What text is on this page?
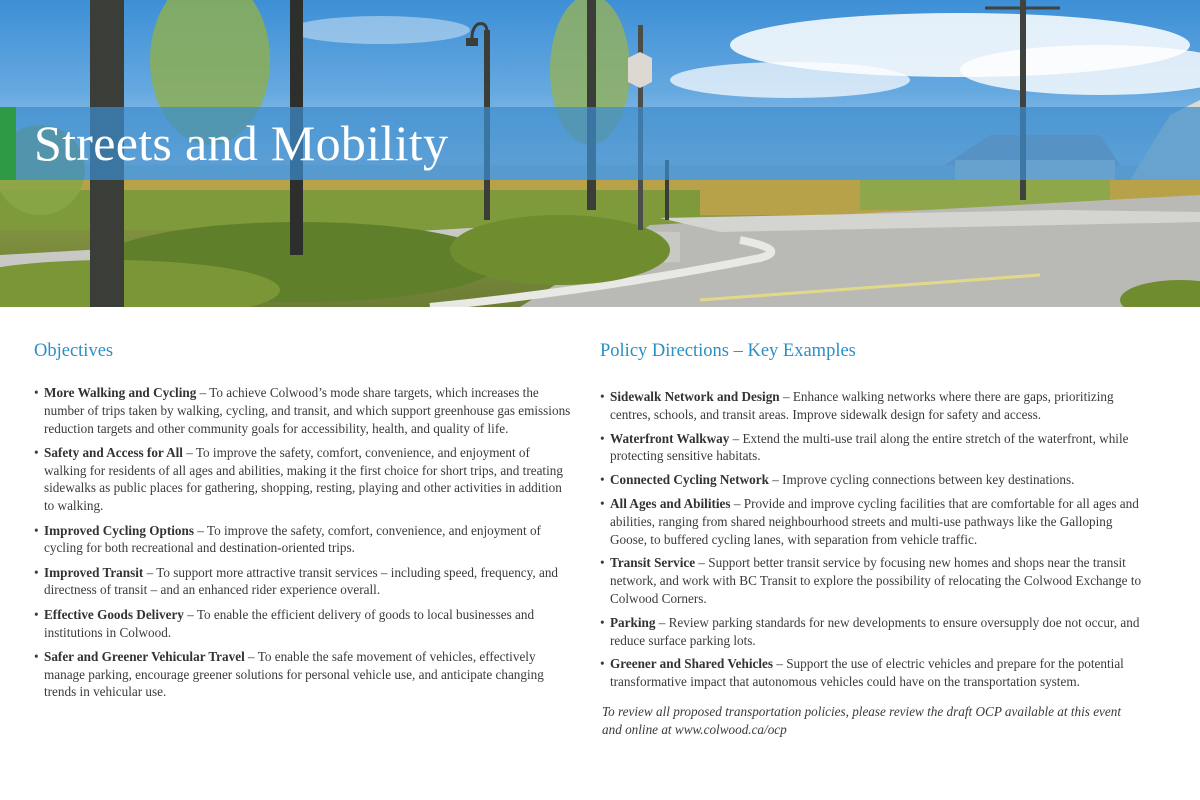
Streets and Mobility
Objectives
• More Walking and Cycling – To achieve Colwood’s mode share targets, which increases the number of trips taken by walking, cycling, and transit, and which support greenhouse gas emissions reduction targets and other community goals for accessibility, health, and quality of life.
• Safety and Access for All – To improve the safety, comfort, convenience, and enjoyment of walking for residents of all ages and abilities, making it the first choice for short trips, and treating sidewalks as public places for gathering, shopping, resting, playing and other activities in addition to walking.
• Improved Cycling Options – To improve the safety, comfort, convenience, and enjoyment of cycling for both recreational and destination-oriented trips.
• Improved Transit – To support more attractive transit services – including speed, frequency, and directness of transit – and an enhanced rider experience overall.
• Effective Goods Delivery – To enable the efficient delivery of goods to local businesses and institutions in Colwood.
• Safer and Greener Vehicular Travel – To enable the safe movement of vehicles, effectively manage parking, encourage greener solutions for personal vehicle use, and anticipate changing trends in vehicular use.
Policy Directions – Key Examples
• Sidewalk Network and Design – Enhance walking networks where there are gaps, prioritizing centres, schools, and transit areas. Improve sidewalk design for safety and access.
• Waterfront Walkway – Extend the multi-use trail along the entire stretch of the waterfront, while protecting sensitive habitats.
• Connected Cycling Network – Improve cycling connections between key destinations.
• All Ages and Abilities – Provide and improve cycling facilities that are comfortable for all ages and abilities, ranging from shared neighbourhood streets and multi-use pathways like the Galloping Goose, to buffered cycling lanes, with separation from vehicle traffic.
• Transit Service – Support better transit service by focusing new homes and shops near the transit network, and work with BC Transit to explore the possibility of relocating the Colwood Exchange to Colwood Corners.
• Parking – Review parking standards for new developments to ensure oversupply doe not occur, and reduce surface parking lots.
• Greener and Shared Vehicles – Support the use of electric vehicles and prepare for the potential transformative impact that autonomous vehicles could have on the transportation system.

To review all proposed transportation policies, please review the draft OCP available at this event and online at www.colwood.ca/ocp
